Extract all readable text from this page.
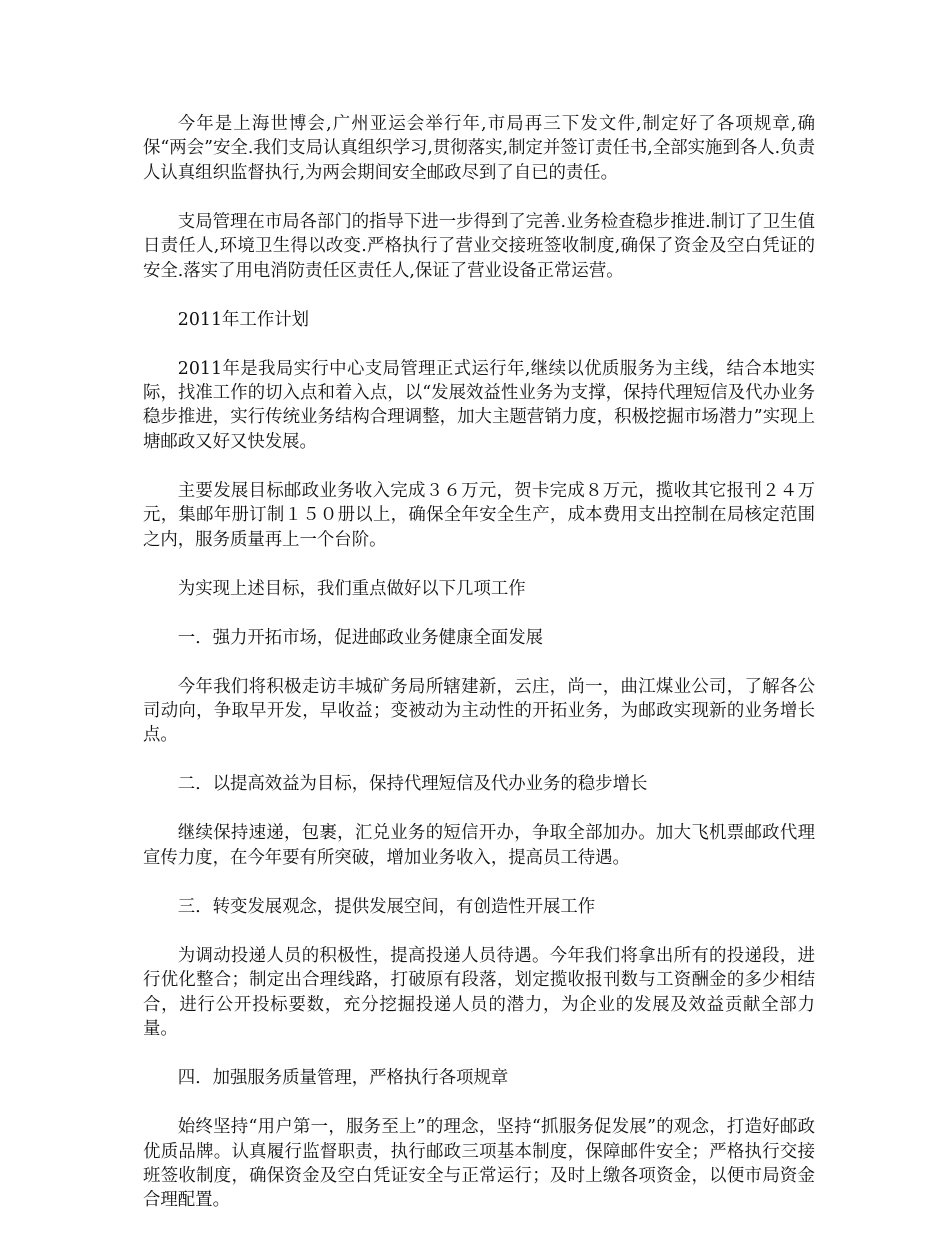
今年是上海世博会,广州亚运会举行年,市局再三下发文件,制定好了各项规章,确保“两会”安全.我们支局认真组织学习,贯彻落实,制定并签订责任书,全部实施到各人.负责人认真组织监督执行,为两会期间安全邮政尽到了自已的责任。

支局管理在市局各部门的指导下进一步得到了完善.业务检查稳步推进.制订了卫生值日责任人,环境卫生得以改变.严格执行了营业交接班签收制度,确保了资金及空白凭证的安全.落实了用电消防责任区责任人,保证了营业设备正常运营。

2011年工作计划

2011年是我局实行中心支局管理正式运行年,继续以优质服务为主线，结合本地实际，找准工作的切入点和着入点，以“发展效益性业务为支撑，保持代理短信及代办业务稳步推进，实行传统业务结构合理调整，加大主题营销力度，积极挖掘市场潜力”实现上塘邮政又好又快发展。

主要发展目标邮政业务收入完成３６万元，贺卡完成８万元，揽收其它报刊２４万元，集邮年册订制１５０册以上，确保全年安全生产，成本费用支出控制在局核定范围之内，服务质量再上一个台阶。

为实现上述目标，我们重点做好以下几项工作

一．强力开拓市场，促进邮政业务健康全面发展

今年我们将积极走访丰城矿务局所辖建新，云庄，尚一，曲江煤业公司，了解各公司动向，争取早开发，早收益；变被动为主动性的开拓业务，为邮政实现新的业务增长点。

二．以提高效益为目标，保持代理短信及代办业务的稳步增长

继续保持速递，包裹，汇兑业务的短信开办，争取全部加办。加大飞机票邮政代理宣传力度，在今年要有所突破，增加业务收入，提高员工待遇。

三．转变发展观念，提供发展空间，有创造性开展工作

为调动投递人员的积极性，提高投递人员待遇。今年我们将拿出所有的投递段，进行优化整合；制定出合理线路，打破原有段落，划定揽收报刊数与工资酬金的多少相结合，进行公开投标要数，充分挖掘投递人员的潜力，为企业的发展及效益贡献全部力量。

四．加强服务质量管理，严格执行各项规章

始终坚持“用户第一，服务至上”的理念，坚持“抓服务促发展”的观念，打造好邮政优质品牌。认真履行监督职责，执行邮政三项基本制度，保障邮件安全；严格执行交接班签收制度，确保资金及空白凭证安全与正常运行；及时上缴各项资金，以便市局资金合理配置。
